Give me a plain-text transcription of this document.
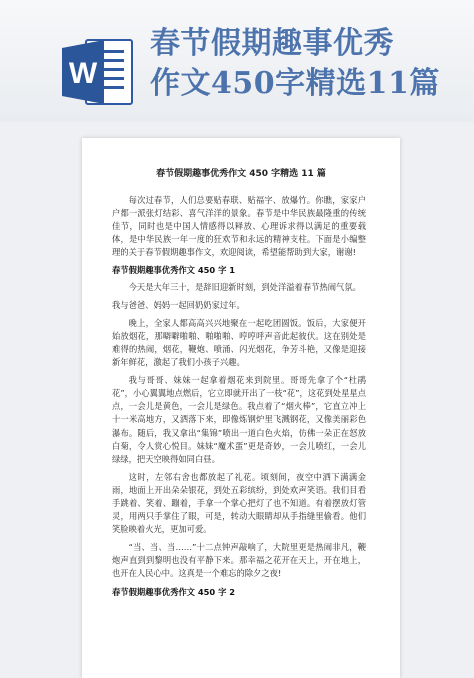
W
春节假期趣事优秀
作文450字精选11篇
春节假期趣事优秀作文 450 字精选 11 篇

每次过春节，人们总要贴春联、贴福字、放爆竹。你瞧，家家户户都一派张灯结彩、喜气洋洋的景象。春节是中华民族最隆重的传统佳节，同时也是中国人情感得以释放、心理诉求得以满足的重要载体，是中华民族一年一度的狂欢节和永远的精神支柱。下面是小编整理的关于春节假期趣事作文，欢迎阅读，希望能帮助到大家，谢谢!

春节假期趣事优秀作文 450 字 1

今天是大年三十，是辞旧迎新时刻，到处洋溢着春节热闹气氛。

我与爸爸、妈妈一起回奶奶家过年。

晚上，全家人都高高兴兴地聚在一起吃团圆饭。饭后，大家便开始放烟花，那噼噼啪啪、啪啪啪、哼哼呼声音此起彼伏。这在别处是难得的热闹，烟花，鞭炮、喷涌、闪光烟花，争芳斗艳，又像是迎接新年鲜花，激起了我们小孩子兴趣。

我与哥哥、妹妹一起拿着烟花来到院里。哥哥先拿了个“杜鹃花”，小心翼翼地点燃后，它立即就开出了一枝“花”，这花到处星星点点，一会儿是黄色，一会儿是绿色。我点着了“烟火棒”，它直立冲上十一米高地方，又洒落下来，即像炼钢炉里飞溅钢花，又像美丽彩色瀑布。随后，我又拿出“集锦”喷出一道白色火焰，仿佛一朵正在怒放白菊，令人赏心悦目。妹妹“魔术蛋”更是奇妙，一会儿喷红，一会儿绿绿，把天空映得如同白昼。

这时，左邻右舍也都放起了礼花。顷刻间，夜空中洒下满满金雨，地面上开出朵朵银花，到处五彩缤纷，到处欢声笑语。我们目看手跳着、笑着、蹦着，手拿一个掌心把灯了也不知道。有着摆放灯管灵，用两只手掌住了眼，可是，转动大眼睛却从手指缝里偷看。他们笑脸映着火光，更加可爱。

“当、当、当……”十二点钟声敲响了，大院里更是热闹非凡，鞭炮声直到到黎明也没有平静下来。那幸福之花开在天上，开在地上，也开在人民心中。这真是一个难忘的除夕之夜!

春节假期趣事优秀作文 450 字 2
